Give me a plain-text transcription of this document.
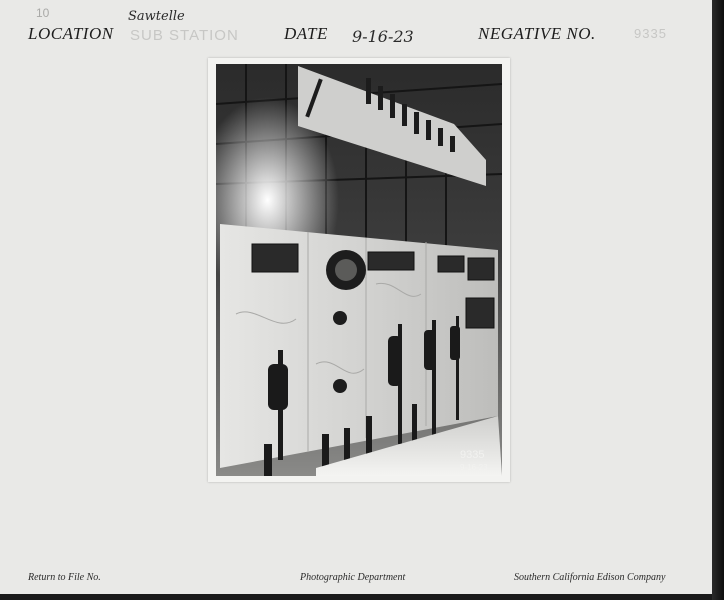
10
LOCATION
Sawtelle
SUB STATION	DATE 9-16-23	NEGATIVE NO.	9335
9335
9-16-23
Return to File No.	Photographic Department	Southern California Edison Company
